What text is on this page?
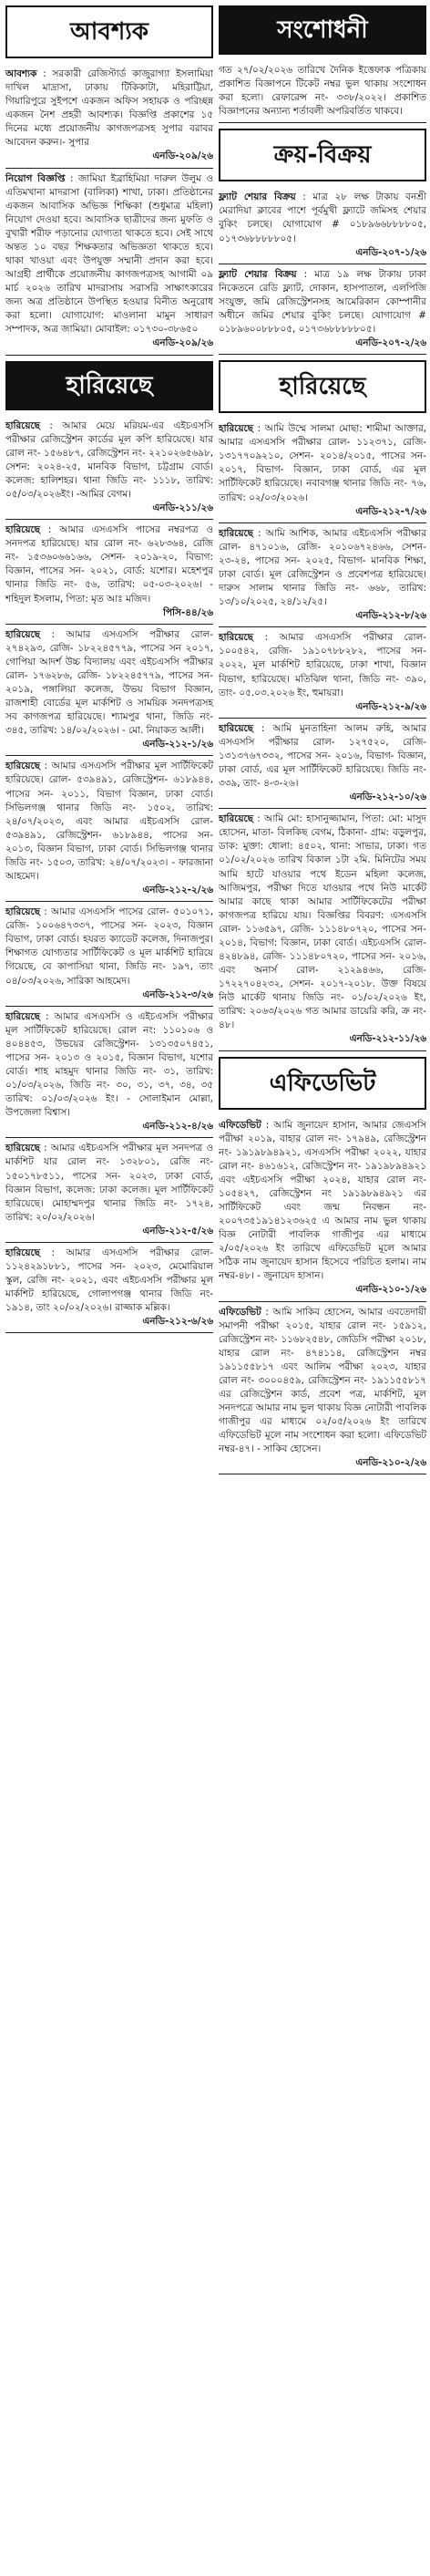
আবশ্যক
আবশ্যক : সরকারী রেজিস্টার্ড কাজুরাগ্যা ইসলামিয়া দাখিল মাদ্রাসা, ঢাকায় টিকিকাটা, মহিরাট্টিয়া, গিয়ারিপুরে সুইপশে একজন অফিস সহায়ক ও পরিচ্ছন্ন একজন নৈশ প্রহরী আবশ্যক। বিজ্ঞপ্তি প্রকাশের ১৫ দিনের মধ্যে প্রয়োজনীয় কাগজপত্রসহ সুপার বরাবর আবেদন করুন।- সুপার
এনডি-২০৯/২৬
নিয়োগ বিজ্ঞপ্তি : জামিয়া ইব্রাহিমিয়া দারুল উলুম ও এতিমখানা মাদরাসা (বালিকা) শাখা, ঢাকা। প্রতিষ্ঠানের একজন আবাসিক অভিজ্ঞ শিক্ষিকা (শুধুমাত্র মহিলা) নিয়োগ দেওয়া হবে। আবাসিক ছাত্রীদের জন্য মুফতি ও বুখারী শরীফ পড়ানোর যোগ্যতা থাকতে হবে। সেই সাথে অন্তত ১০ বছর শিক্ষকতার অভিজ্ঞতা থাকতে হবে। থাকা খাওয়া এবং উপযুক্ত সম্মানী প্রদান করা হবে। আগ্রহী প্রার্থীকে প্রয়োজনীয় কাগজপত্রসহ আগামী ০৯ মার্চ ২০২৬ তারিখ মাদরাসায় সরাসরি সাক্ষাৎকারের জন্য অত্র প্রতিষ্ঠানে উপস্থিত হওয়ার বিনীত অনুরোধ করা হলো। যোগাযোগ: মাওলানা মামুন সাধারণ সম্পাদক, অত্র জামিয়া। মোবাইল: ০১৭৩০-৩৮৬৫০
এনডি-২০৯/২৬
হারিয়েছে
হারিয়েছে : আমার মেয়ে মরিয়ম-এর এইচএসসি পরীক্ষার রেজিস্ট্রেশন কার্ডের মূল কপি হারিয়েছে। যার রোল নং- ১৫৬৪৮৭, রেজিস্ট্রেশন নং- ২২১০২৬৫৬৯৮, সেশন: ২০২৪-২৫, মানবিক বিভাগ, চট্টগ্রাম বোর্ড। কলেজ: হালিশহর। থানা জিডি নং- ১১১৮, তারিখ: ০৫/০৩/২০২৬ইং। -আমির বেগম।
এনডি-২১১/২৬
হারিয়েছে : আমার এসএসসি পাসের নম্বরপত্র ও সনদপত্র হারিয়েছে। যার রোল নং- ৬২৮৩৬৪, রেজি নং- ১৫৩৬০৬৬১৬৬, সেশন- ২০১৯-২০, বিভাগ: বিজ্ঞান, পাসের সন- ২০২১, বোর্ড: যশোর। মহেশপুর থানার জিডি নং- ৫৬, তারিখ: ০৫-০৩-২০২৬। - শহিদুল ইসলাম, পিতা: মৃত আঃ মজিদ।
পিসি-৪৪/২৬
হারিয়েছে : আমার এসএসসি পরীক্ষার রোল- ২৭৪২৯৩, রেজি- ১৮২২৪৫৭৭৯, পাসের সন ২০১৭, গোপিয়া আদর্শ উচ্চ বিদ্যালয় এবং এইচএসসি পরীক্ষার রোল- ১৭৬২৮৬, রেজি- ১৮২২৪৫৭৭৯, পাসের সন- ২০১৯, পঙ্গালিয়া কলেজ, উভয় বিভাগ বিজ্ঞান, রাজশাহী বোর্ডের মূল মার্কশিট ও সাময়িক সনদপত্রসহ সব কাগজপত্র হারিয়েছে। শ্যামপুর থানা, জিডি নং- ৩৪৫, তারিখ: ১৪/০২/২০২৬। - মো. নিয়াকত আলী।
এনডি-২১২-১/২৬
হারিয়েছে : আমার এসএসসি পরীক্ষার মূল সার্টিফিকেট হারিয়েছে। রোল- ৫৩৯৪৯১, রেজিস্ট্রেশন- ৬১৮৯৪৪, পাসের সন- ২০১১, বিভাগ বিজ্ঞান, ঢাকা বোর্ড। সিভিলগঞ্জ থানার জিডি নং- ১৫০২, তারিখ: ২৪/০৭/২০২৩, এবং আমার এইচএসসি রোল- ৫৩৯৪৯১, রেজিস্ট্রেশন- ৬১৮৯৪৪, পাসের সন- ২০১৩, বিজ্ঞান বিভাগ, ঢাকা বোর্ড। সিভিলগঞ্জ থানার জিডি নং- ১৫০৩, তারিখ: ২৪/০৭/২০২৩। - ফারজানা আহমেদ।
এনডি-২১২-২/২৬
হারিয়েছে : আমার এসএসসি পাসের রোল- ৫০১০৭১, রেজি- ১০০৬৪৭৩৩৭, পাসের সন- ২০২৩, বিজ্ঞান বিভাগ, ঢাকা বোর্ড। হযরত ক্যাডেট কলেজ, দিনাজপুর। শিক্ষাগত যোগ্যতার সার্টিফিকেট ও মূল মার্কশিট হারিয়ে গিয়েছে, বে কাপাসিয়া থানা, জিডি নং- ১৯৭, তাং ০৪/০৩/২০২৬, সারিকা আহমেদ।
এনডি-২১২-৩/২৬
হারিয়েছে : আমার এসএসসি ও এইচএসসি পরীক্ষার মূল সার্টিফিকেট হারিয়েছে। রোল নং: ১১০১০৬ ও ৪০৪৪৫৩, উভয়ের রেজিস্ট্রেশন- ১৩১৩৫০৭৪৫১, পাসের সন- ২০১৩ ও ২০১৫, বিজ্ঞান বিভাগ, যশোর বোর্ড। শাহ মাহমুদ থানার জিডি নং- ৩১, তারিখ: ০১/০৩/২০২৬, জিডি নং- ৩০, ৩১, ৩৭, ৩৪, ৩৫ তারিখ: ০১/০৩/২০২৬ ইং। - সোলাইমান মোল্লা, উপজেলা বিশ্বাস।
এনডি-২১২-৪/২৬
হারিয়েছে : আমার এইচএসসি পরীক্ষার মূল সনদপত্র ও মার্কশিট যার রোল নং- ১৩২৮০১, রেজি নং- ১৫০১৭৮৫১১, পাসের সন- ২০২৩, ঢাকা বোর্ড, বিজ্ঞান বিভাগ, কলেজ: ঢাকা কলেজ। মূল সার্টিফিকেট হারিয়েছে। মোহাম্মদপুর থানার জিডি নং- ১৭২৪, তারিখ: ২০/০২/২০২৬।
এনডি-২১২-৫/২৬
হারিয়েছে : আমার এসএসসি পরীক্ষার রোল- ১১২৪২৯১৮৮১, পাসের সন- ২০২৩, মেমোরিয়াল স্কুল, রেজি নং- ২০২১, এবং এইচএসসি পরীক্ষার মূল মার্কশিট হারিয়েছে, গোলাপগঞ্জ থানার জিডি নং- ১৯১৪, তাং ২০/০২/২০২৬। রাজ্জাক মল্লিক।
এনডি-২১২-৬/২৬
সংশোধনী
গত ২৭/০২/২০২৬ তারিখে দৈনিক ইত্তেফাক পত্রিকায় প্রকাশিত বিজ্ঞাপনে টিকেট নম্বর ভুল থাকায় সংশোধন করা হলো। রেফারেন্স নং- ৩৩৮/২০২২। প্রকাশিত বিজ্ঞাপনের অন্যান্য শর্তাবলী অপরিবর্তিত থাকবে।
ক্রয়-বিক্রয়
ফ্ল্যাট শেয়ার বিক্রয় : মাত্র ২৮ লক্ষ টাকায় বনশ্রী মেরাদিয়া ক্লাবের পাশে পূর্বমুখী ফ্ল্যাটে জমিসহ শেয়ার বুকিং চলছে। যোগাযোগ # ০১৮৯৬৬৮৮৮৮০৫, ০১৭৩৬৮৮৮৮৮০৫।
এনডি-২০৭-১/২৬
ফ্ল্যাট শেয়ার বিক্রয় : মাত্র ১৯ লক্ষ টাকায় ঢাকা নিকেতনে রেডি ফ্ল্যাট, দোকান, হাসপাতাল, এলপিজি সংযুক্ত, জমি রেজিস্ট্রেশনসহ আমেরিকান কোম্পানীর অধীনে জমির শেয়ার বুকিং চলছে। যোগাযোগ # ০১৮৯৬০০৮৮৮০৫, ০১৭৩৬৮৮৮৮৮০৫।
এনডি-২০৭-২/২৬
হারিয়েছে
হারিয়েছে : আমি উম্মে সালমা মোছা: শামীমা আক্তার, আমার এসএসসি পরীক্ষার রোল- ১১২৩৭১, রেজি- ১৩১৭৭০৯২১০, সেশন- ২০১৪/২০১৫, পাসের সন- ২০১৭, বিভাগ- বিজ্ঞান, ঢাকা বোর্ড, এর মূল সার্টিফিকেট হারিয়েছে। নবাবগঞ্জ থানার জিডি নং- ৭৬, তারিখ: ০২/০৩/২০২৬।
এনডি-২১২-৭/২৬
হারিয়েছে : আমি আশিক, আমার এইচএসসি পরীক্ষার রোল- ৪৭১০১৬, রেজি- ২০১০৬৭২৪৬৬, সেশন- ২৩-২৪, পাসের সন- ২০২৫, বিভাগ- মানবিক শিক্ষা, ঢাকা বোর্ড। মূল রেজিস্ট্রেশন ও প্রবেশপত্র হারিয়েছে। দারুস সালাম থানার জিডি নং- ৬৬৮, তারিখ: ১৩/১০/২০২৫, ২৪/১২/২৫।
এনডি-২১২-৮/২৬
হারিয়েছে : আমার এসএসসি পরীক্ষার রোল- ১০০৫৪২, রেজি- ১৯১০৭৮৮২৮২, পাসের সন- ২০২২, মূল মার্কশিট হারিয়েছে, ঢাকা শাখা, বিজ্ঞান বিভাগ, হারিয়েছে। মতিঝিল থানা, জিডি নং- ৩৯০, তাং- ০৫.০৩.২০২৬ ইং, হুমায়রা।
এনডি-২১২-৯/২৬
হারিয়েছে : আমি মুনতাহিনা আলম রুহি, আমার এসএসসি পরীক্ষার রোল- ১২৭৫২০, রেজি- ১৩১৩৭৬৭৩৩২, পাসের সন- ২০১৬, বিভাগ- বিজ্ঞান, ঢাকা বোর্ড, এর মূল সার্টিফিকেট হারিয়েছে। জিডি নং- ৩৩৯, তাং- ৪-৩-২৬।
এনডি-২১২-১০/২৬
হারিয়েছে : আমি মো: হাসানুজ্জামান, পিতা: মো: মাসুদ হোসেন, মাতা- বিলকিছ বেগম, ঠিকানা- গ্রাম: বড়ুলপুর, ডাক: মুক্তা: ধোলা: ৪৫০২, থানা: সাভার, ঢাকা। গত ০১/০২/২০২৬ তারিখ বিকাল ১টা ২মি. মিনিটের সময় আমি হাটে যাওয়ার পথে ইডেন মহিলা কলেজ, আজিমপুর, পরীক্ষা দিতে যাওয়ার পথে নিউ মার্কেট আমার কাছে থাকা আমার সার্টিফিকেটের পরীক্ষা কাগজপত্র হারিয়ে যায়। বিজ্ঞপ্তির বিবরণ: এসএসসি রোল- ১১৬৫৯৭, রেজি- ১১১৪৮০৭২০, পাসের সন- ২০১৪, বিভাগ: বিজ্ঞান, ঢাকা বোর্ড। এইচএসসি রোল- ৪২৪৮৯৪, রেজি- ১১১৪৮০৭২০, পাসের সন- ২০১৬, এবং অনার্স রোল- ২১২৯৪৬৬, রেজি- ১৭২২৭০৪২৩২, সেশন- ২০১৭-২০১৮. উক্ত বিষয়ে নিউ মার্কেট থানায় জিডি নং- ০১/০২/২০২৬ ইং, তারিখ: ২০৬৩/২০২৬ গত আমার ডায়েরি করি, ক্র নং- ৪৮।
এনডি-২১২-১১/২৬
এফিডেভিট
এফিডেভিট : আমি জুনায়েদ হাসান, আমার জেএসসি পরীক্ষা ২০১৯, বাহার রোল নং- ১৭৯৪৯, রেজিস্ট্রেশন নং- ১৯১৯৮৯৪৯২১, এসএসসি পরীক্ষা ২০২২, যাহার রোল নং- ৪৬১৬১২, রেজিস্ট্রেশন নং- ১৯১৯৮৯৪৯২১ এবং এইচএসসি পরীক্ষা ২০২৪, যাহার রোল নং- ১০৫৪২৭, রেজিস্ট্রেশন নং ১৯১৯৮৯৪৯২১ এর সার্টিফিকেট এবং জন্ম নিবন্ধন নং- ২০০৭৩৫১৯১৪১২৩৬২৫ এ আমার নাম ভুল থাকায় বিজ্ঞ নোটারী পাবলিক গাজীপুর এর মাধ্যমে ২/০৫/২০২৬ ইং তারিখে এফিডেভিট মূলে আমার সঠিক নাম জুনায়েদ হাসান হিসেবে পরিচিত হলাম। নাম নম্বর-৪৮। - জুনায়েদ হাসান।
এনডি-২১০-১/২৬
এফিডেভিট : আমি সাকিব হোসেন, আমার এবতেদায়ী সমাপনী পরীক্ষা ২০১৫, যাহার রোল নং- ১৫৯১২, রেজিস্ট্রেশন নং- ১১৬৮২৫৪৮, জেডিসি পরীক্ষা ২০১৮, যাহার রোল নং- ৪৭৪১১৪, রেজিস্ট্রেশন নম্বর ১৯১১৫৫৮১৭ এবং আলিম পরীক্ষা ২০২৩, যাহার রোল নং- ৩০০০৪৫৯, রেজিস্ট্রেশন নং- ১৯১১৫৫৮১৭ এর রেজিস্ট্রেশন কার্ড, প্রবেশ পত্র, মার্কশিট, মূল সনদপত্রে আমার নাম ভুল থাকায় বিজ্ঞ নোটারী পাবলিক গাজীপুর এর মাধ্যমে ০২/০৫/২০২৬ ইং তারিখে এফিডেভিট মূলে নাম সংশোধন করা হলো। এফিডেভিট নম্বর-৪৭। - সাকিব হোসেন।
এনডি-২১০-২/২৬
